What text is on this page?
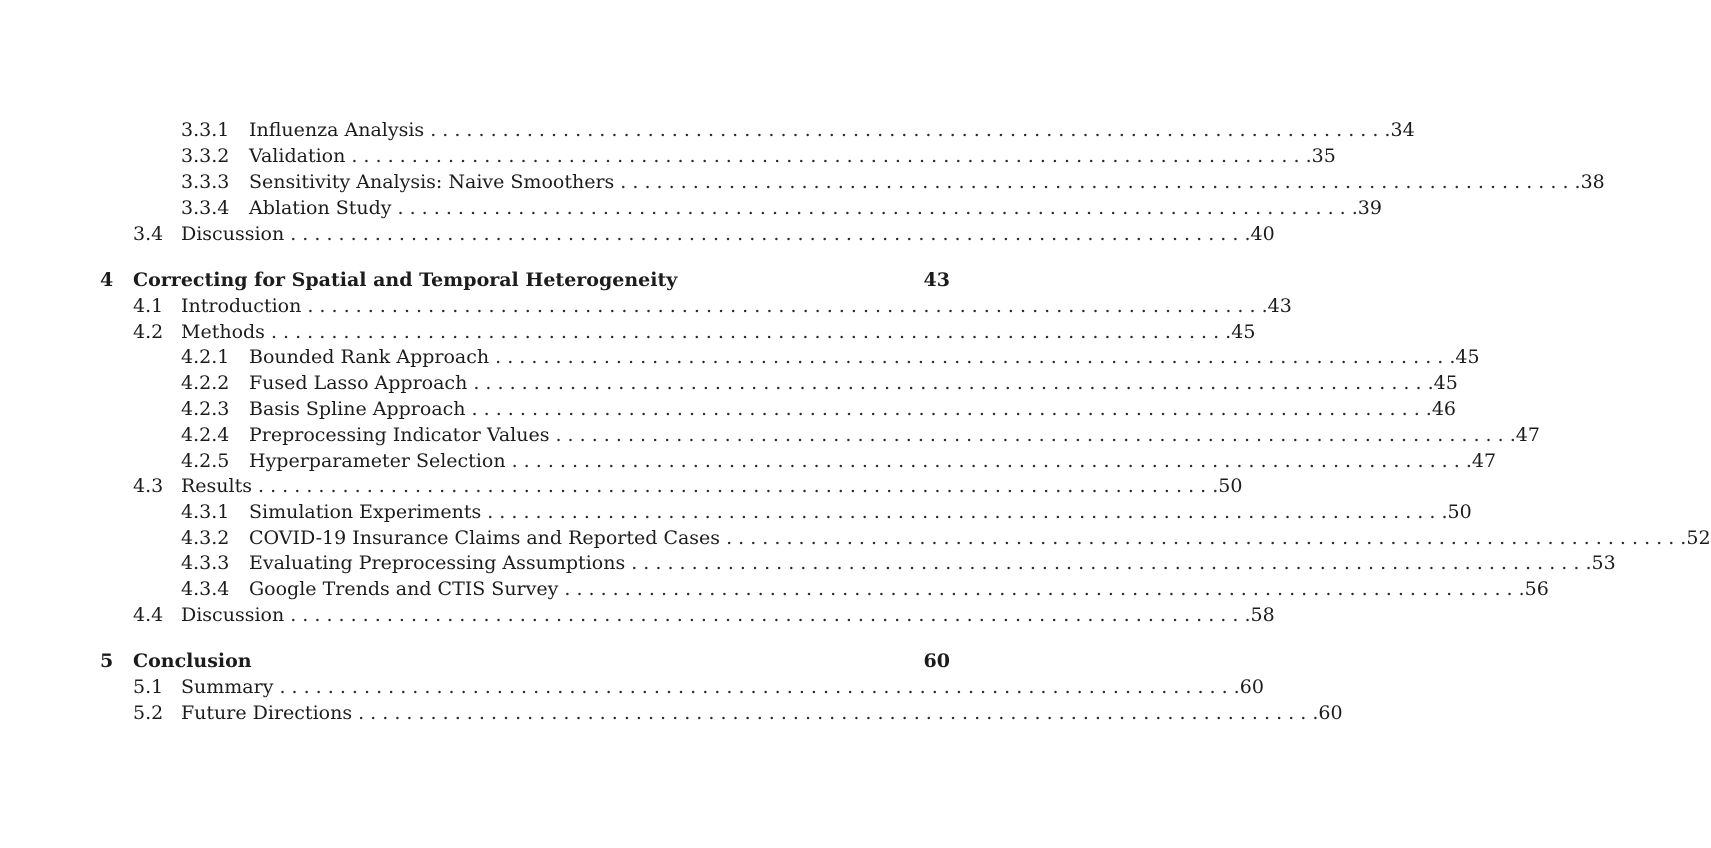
3.3.1 Influenza Analysis . . . . . . . . . . . . . . . . . . . . . . . . . . . . . . . . . . . . . . . . . . . . . . . . . . . . . . . . . . . . . . . . . . . . . . . . . . . . . . . . 34
3.3.2 Validation . . . . . . . . . . . . . . . . . . . . . . . . . . . . . . . . . . . . . . . . . . . . . . . . . . . . . . . . . . . . . . . . . . . . . . . . . . . . . . . . 35
3.3.3 Sensitivity Analysis: Naive Smoothers . . . . . . . . . . . . . . . . . . . . . . . . . . . . . . . . . . . . . . . . . . . . . . . . . . . . . . . . . . . . . . . . . . . . . . . . . . . . . . . . 38
3.3.4 Ablation Study . . . . . . . . . . . . . . . . . . . . . . . . . . . . . . . . . . . . . . . . . . . . . . . . . . . . . . . . . . . . . . . . . . . . . . . . . . . . . . . . 39
3.4 Discussion . . . . . . . . . . . . . . . . . . . . . . . . . . . . . . . . . . . . . . . . . . . . . . . . . . . . . . . . . . . . . . . . . . . . . . . . . . . . . . . . 40
4 Correcting for Spatial and Temporal Heterogeneity	43
4.1 Introduction . . . . . . . . . . . . . . . . . . . . . . . . . . . . . . . . . . . . . . . . . . . . . . . . . . . . . . . . . . . . . . . . . . . . . . . . . . . . . . . . 43
4.2 Methods . . . . . . . . . . . . . . . . . . . . . . . . . . . . . . . . . . . . . . . . . . . . . . . . . . . . . . . . . . . . . . . . . . . . . . . . . . . . . . . . 45
4.2.1 Bounded Rank Approach . . . . . . . . . . . . . . . . . . . . . . . . . . . . . . . . . . . . . . . . . . . . . . . . . . . . . . . . . . . . . . . . . . . . . . . . . . . . . . . . 45
4.2.2 Fused Lasso Approach . . . . . . . . . . . . . . . . . . . . . . . . . . . . . . . . . . . . . . . . . . . . . . . . . . . . . . . . . . . . . . . . . . . . . . . . . . . . . . . . 45
4.2.3 Basis Spline Approach . . . . . . . . . . . . . . . . . . . . . . . . . . . . . . . . . . . . . . . . . . . . . . . . . . . . . . . . . . . . . . . . . . . . . . . . . . . . . . . . 46
4.2.4 Preprocessing Indicator Values . . . . . . . . . . . . . . . . . . . . . . . . . . . . . . . . . . . . . . . . . . . . . . . . . . . . . . . . . . . . . . . . . . . . . . . . . . . . . . . . 47
4.2.5 Hyperparameter Selection . . . . . . . . . . . . . . . . . . . . . . . . . . . . . . . . . . . . . . . . . . . . . . . . . . . . . . . . . . . . . . . . . . . . . . . . . . . . . . . . 47
4.3 Results . . . . . . . . . . . . . . . . . . . . . . . . . . . . . . . . . . . . . . . . . . . . . . . . . . . . . . . . . . . . . . . . . . . . . . . . . . . . . . . . 50
4.3.1 Simulation Experiments . . . . . . . . . . . . . . . . . . . . . . . . . . . . . . . . . . . . . . . . . . . . . . . . . . . . . . . . . . . . . . . . . . . . . . . . . . . . . . . . 50
4.3.2 COVID-19 Insurance Claims and Reported Cases . . . . . . . . . . . . . . . . . . . . . . . . . . . . . . . . . . . . . . . . . . . . . . . . . . . . . . . . . . . . . . . . . . . . . . . . . . . . . . . . 52
4.3.3 Evaluating Preprocessing Assumptions . . . . . . . . . . . . . . . . . . . . . . . . . . . . . . . . . . . . . . . . . . . . . . . . . . . . . . . . . . . . . . . . . . . . . . . . . . . . . . . . 53
4.3.4 Google Trends and CTIS Survey . . . . . . . . . . . . . . . . . . . . . . . . . . . . . . . . . . . . . . . . . . . . . . . . . . . . . . . . . . . . . . . . . . . . . . . . . . . . . . . . 56
4.4 Discussion . . . . . . . . . . . . . . . . . . . . . . . . . . . . . . . . . . . . . . . . . . . . . . . . . . . . . . . . . . . . . . . . . . . . . . . . . . . . . . . . 58
5 Conclusion	60
5.1 Summary . . . . . . . . . . . . . . . . . . . . . . . . . . . . . . . . . . . . . . . . . . . . . . . . . . . . . . . . . . . . . . . . . . . . . . . . . . . . . . . . 60
5.2 Future Directions . . . . . . . . . . . . . . . . . . . . . . . . . . . . . . . . . . . . . . . . . . . . . . . . . . . . . . . . . . . . . . . . . . . . . . . . . . . . . . . . 60
